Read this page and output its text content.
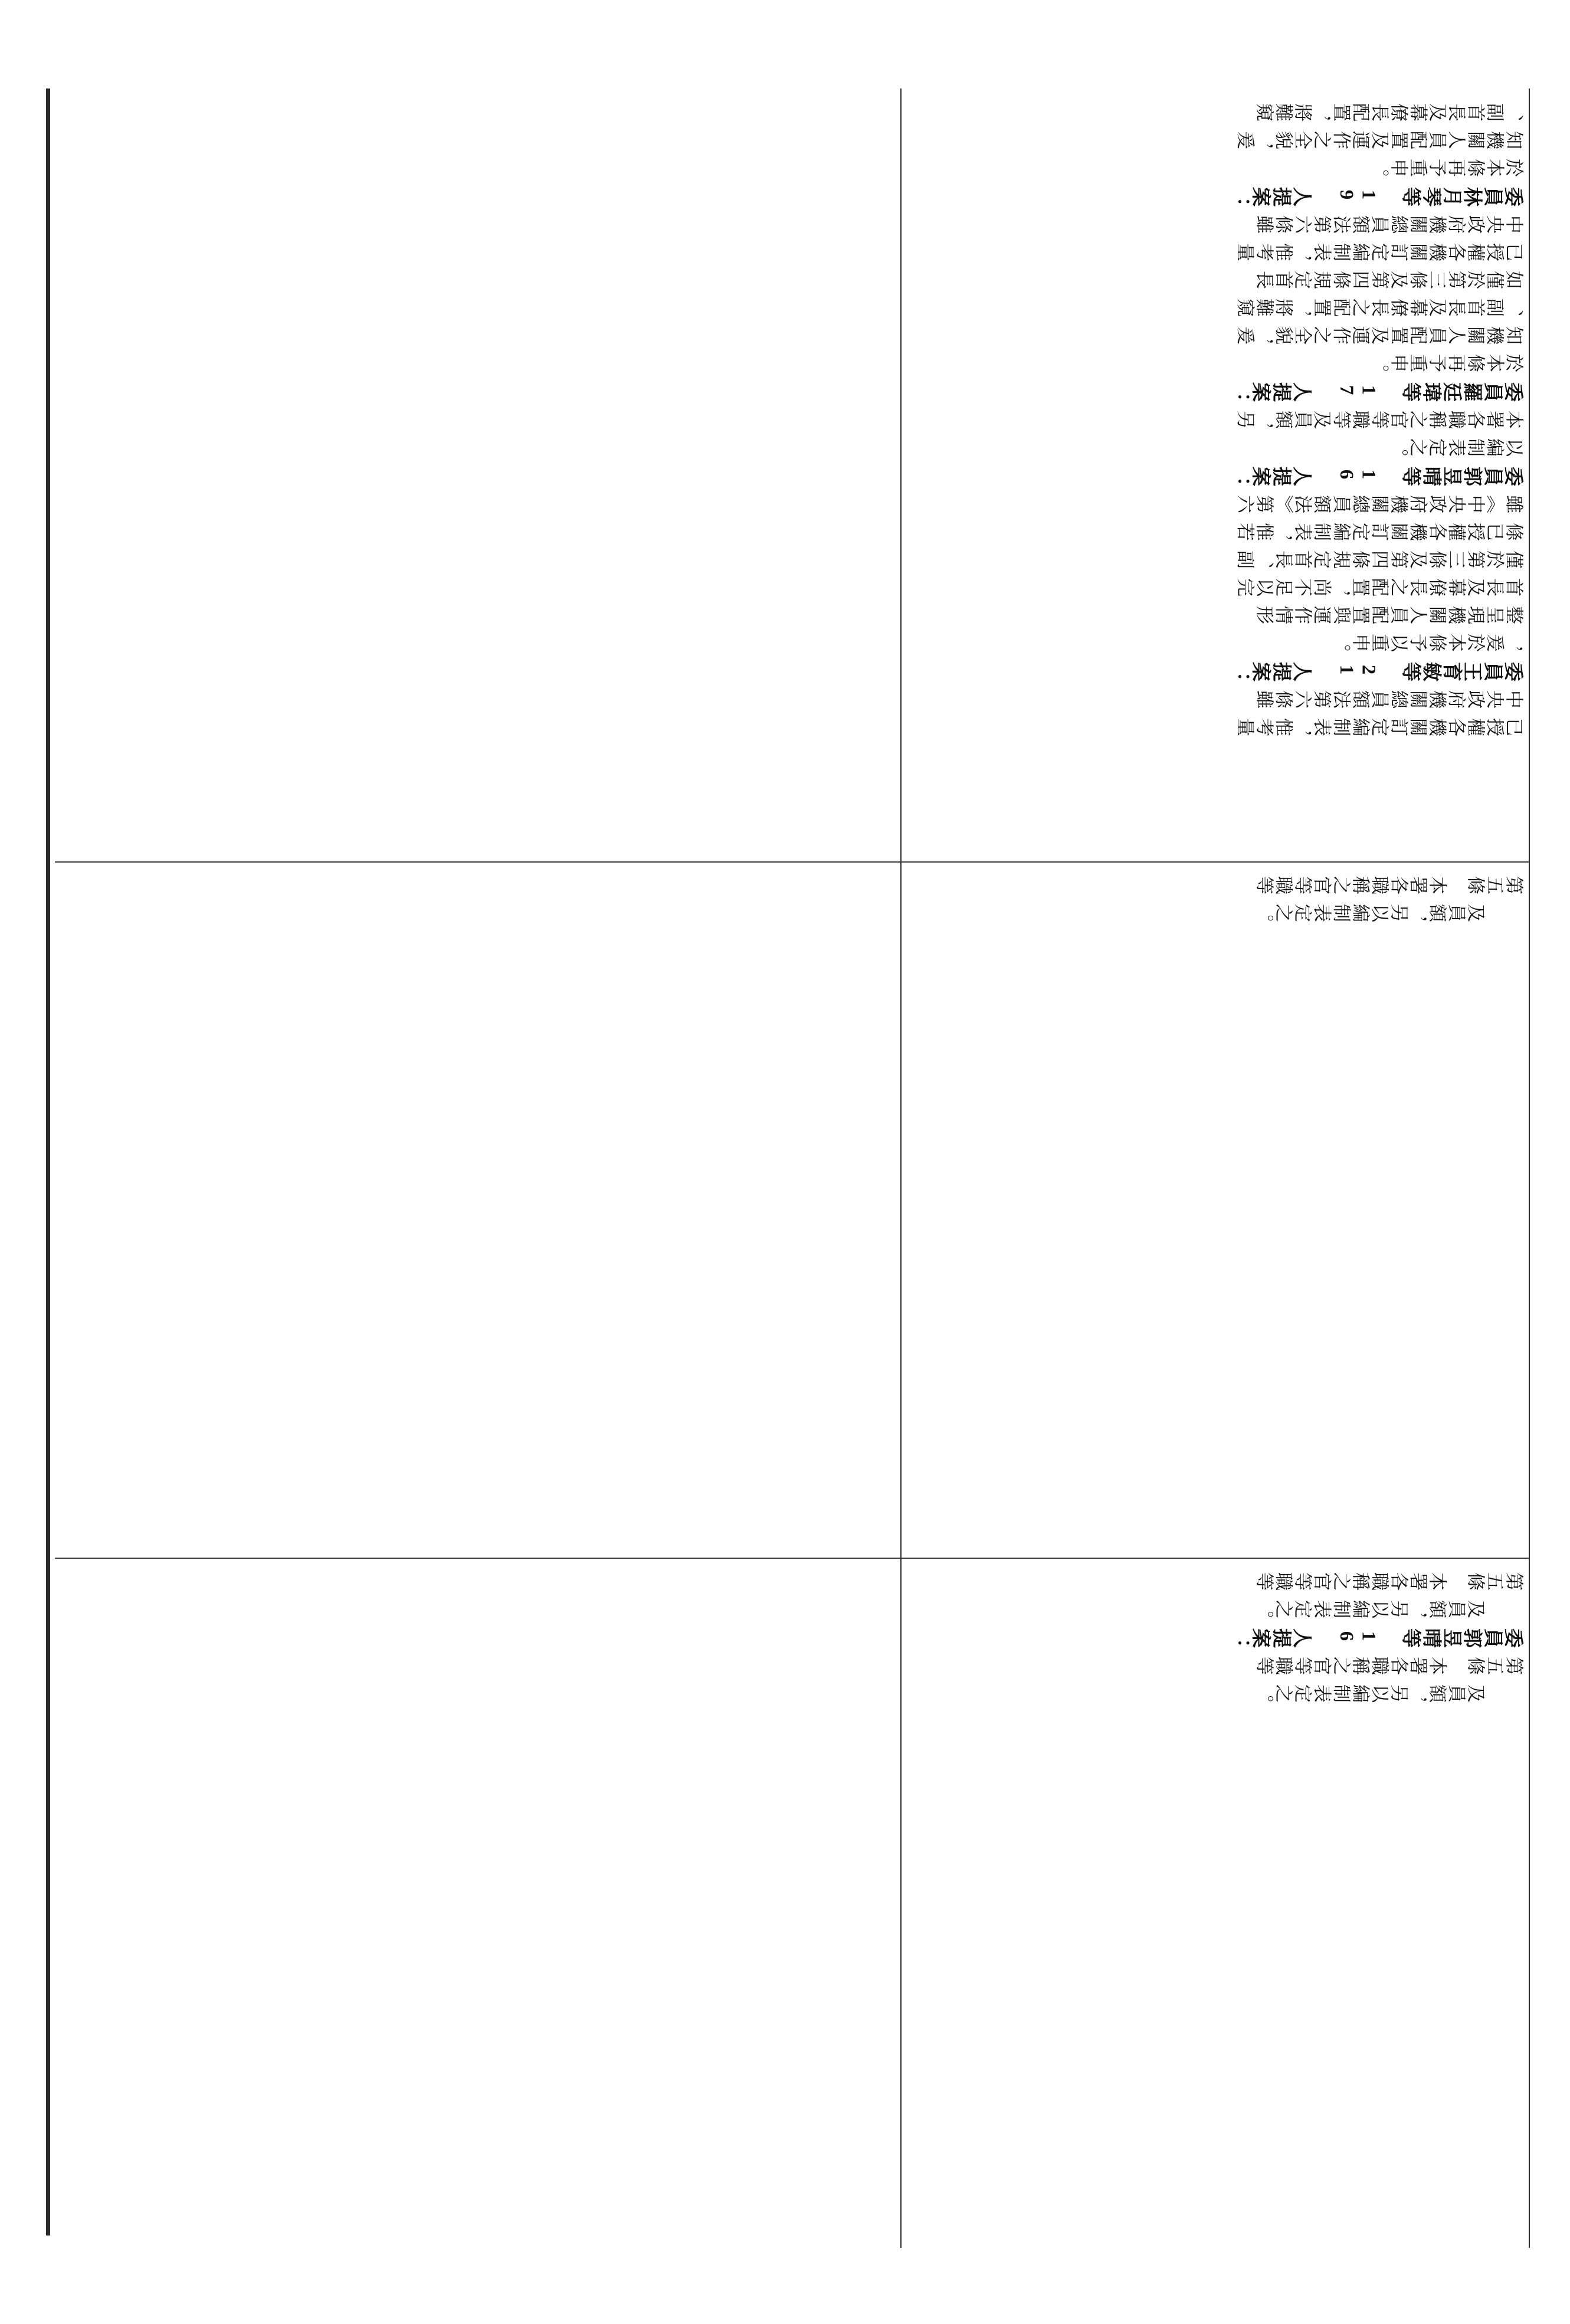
、副首長及幕僚長配置，將難窺
知機關人員配置及運作之全貌，爰
於本條再予重申。
委員林月琴等 19 人提案：
中央政府機關總員額法第六條雖
已授權各機關訂定編制表，惟考量
如僅於第三條及第四條規定首長
、副首長及幕僚長之配置，將難窺
知機關人員配置及運作之全貌，爰
於本條再予重申。
委員羅廷瑋等 17 人提案：
本署各職稱之官等職等及員額，另
以編制表定之。
委員郭昱晴等 16 人提案：
雖《中央政府機關總員額法》第六
條已授權各機關訂定編制表，惟若
僅於第三條及第四條規定首長、副
首長及幕僚長之配置，尚不足以完
整呈現機關人員配置與運作情形
，爰於本條予以重申。
委員王育敏等 21 人提案：
中央政府機關總員額法第六條雖
已授權各機關訂定編制表，惟考量
第五條　本署各職稱之官等職等
　　及員額，另以編制表定之。
第五條　本署各職稱之官等職等
　　及員額，另以編制表定之。
委員郭昱晴等 16 人提案：
第五條　本署各職稱之官等職等
　　及員額，另以編制表定之。
